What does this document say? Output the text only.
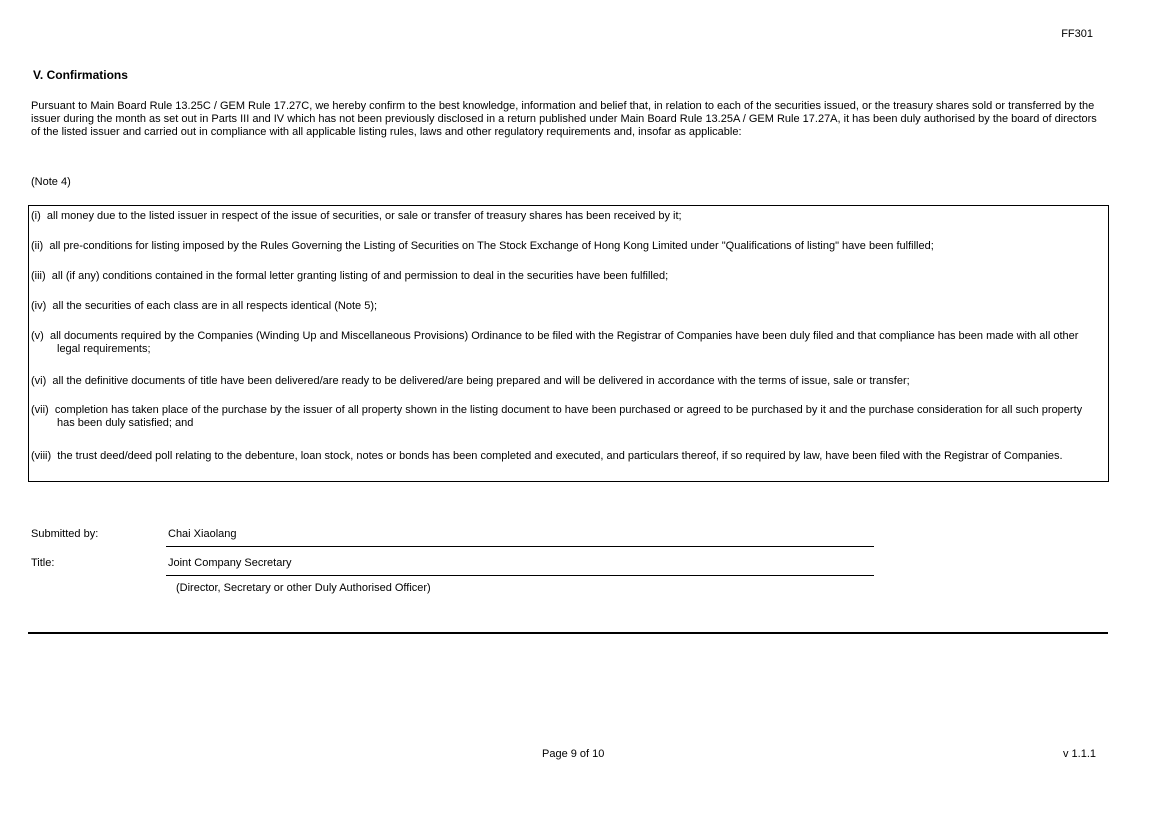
FF301
V. Confirmations
Pursuant to Main Board Rule 13.25C / GEM Rule 17.27C, we hereby confirm to the best knowledge, information and belief that, in relation to each of the securities issued, or the treasury shares sold or transferred by the issuer during the month as set out in Parts III and IV which has not been previously disclosed in a return published under Main Board Rule 13.25A / GEM Rule 17.27A, it has been duly authorised by the board of directors of the listed issuer and carried out in compliance with all applicable listing rules, laws and other regulatory requirements and, insofar as applicable:
(Note 4)
(i) all money due to the listed issuer in respect of the issue of securities, or sale or transfer of treasury shares has been received by it;
(ii) all pre-conditions for listing imposed by the Rules Governing the Listing of Securities on The Stock Exchange of Hong Kong Limited under "Qualifications of listing" have been fulfilled;
(iii) all (if any) conditions contained in the formal letter granting listing of and permission to deal in the securities have been fulfilled;
(iv) all the securities of each class are in all respects identical (Note 5);
(v) all documents required by the Companies (Winding Up and Miscellaneous Provisions) Ordinance to be filed with the Registrar of Companies have been duly filed and that compliance has been made with all other legal requirements;
(vi) all the definitive documents of title have been delivered/are ready to be delivered/are being prepared and will be delivered in accordance with the terms of issue, sale or transfer;
(vii) completion has taken place of the purchase by the issuer of all property shown in the listing document to have been purchased or agreed to be purchased by it and the purchase consideration for all such property has been duly satisfied; and
(viii) the trust deed/deed poll relating to the debenture, loan stock, notes or bonds has been completed and executed, and particulars thereof, if so required by law, have been filed with the Registrar of Companies.
Submitted by:	Chai Xiaolang
Title:	Joint Company Secretary
(Director, Secretary or other Duly Authorised Officer)
Page 9 of 10	v 1.1.1
